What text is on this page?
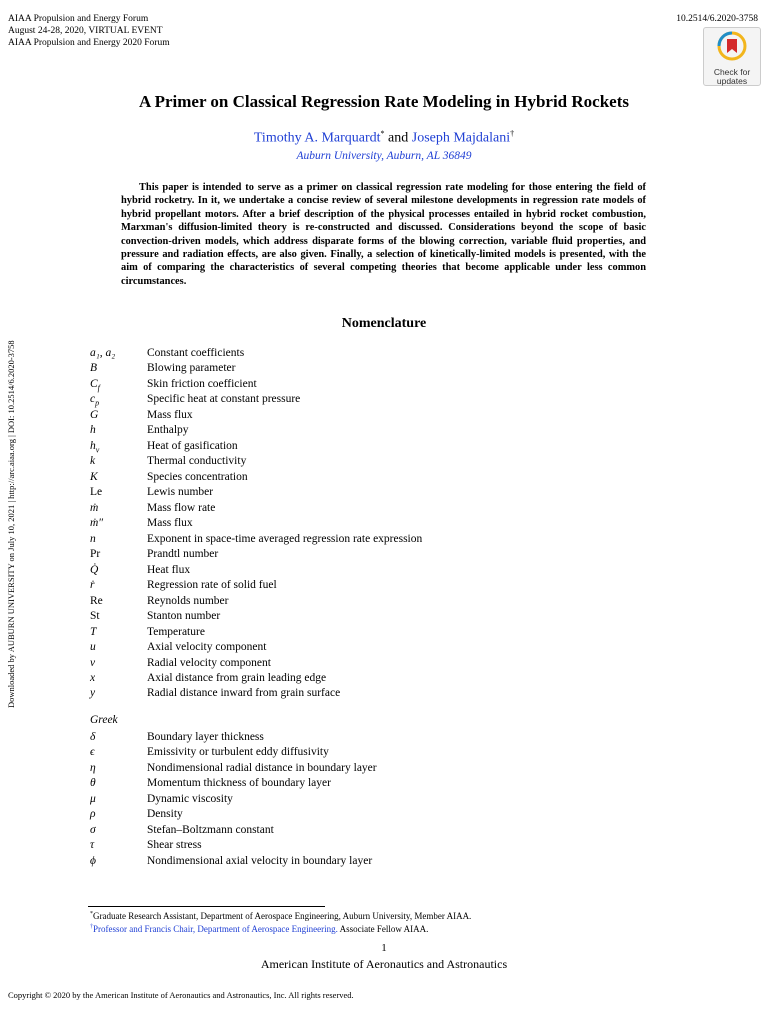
AIAA Propulsion and Energy Forum
August 24-28, 2020, VIRTUAL EVENT
AIAA Propulsion and Energy 2020 Forum
10.2514/6.2020-3758
Check for
updates
Downloaded by AUBURN UNIVERSITY on July 10, 2021 | http://arc.aiaa.org | DOI: 10.2514/6.2020-3758
A Primer on Classical Regression Rate Modeling in Hybrid Rockets
Timothy A. Marquardt* and Joseph Majdalani†
Auburn University, Auburn, AL 36849

This paper is intended to serve as a primer on classical regression rate modeling for those entering the field of hybrid rocketry. In it, we undertake a concise review of several milestone developments in regression rate models of hybrid propellant motors. After a brief description of the physical processes entailed in hybrid rocket combustion, Marxman's diffusion-limited theory is re-constructed and discussed. Considerations beyond the scope of basic convection-driven models, which address disparate forms of the blowing correction, variable fluid properties, and pressure and radiation effects, are also given. Finally, a selection of kinetically-limited models is presented, with the aim of comparing the characteristics of several competing theories that become applicable under less common circumstances.

Nomenclature
a₁, a₂	Constant coefficients
B	Blowing parameter
$C_f$	Skin friction coefficient
$c_p$	Specific heat at constant pressure
G	Mass flux
h	Enthalpy
$h_v$	Heat of gasification
k	Thermal conductivity
K	Species concentration
Le	Lewis number
ṁ	Mass flow rate
ṁ″	Mass flux
n	Exponent in space-time averaged regression rate expression
Pr	Prandtl number
Q̇	Heat flux
ṙ	Regression rate of solid fuel
Re	Reynolds number
St	Stanton number
T	Temperature
u	Axial velocity component
v	Radial velocity component
x	Axial distance from grain leading edge
y	Radial distance inward from grain surface
Greek
δ	Boundary layer thickness
ϵ	Emissivity or turbulent eddy diffusivity
η	Nondimensional radial distance in boundary layer
θ	Momentum thickness of boundary layer
μ	Dynamic viscosity
ρ	Density
σ	Stefan–Boltzmann constant
τ	Shear stress
ϕ	Nondimensional axial velocity in boundary layer
*Graduate Research Assistant, Department of Aerospace Engineering, Auburn University, Member AIAA.
†Professor and Francis Chair, Department of Aerospace Engineering. Associate Fellow AIAA.
1
American Institute of Aeronautics and Astronautics
Copyright © 2020 by the American Institute of Aeronautics and Astronautics, Inc. All rights reserved.
